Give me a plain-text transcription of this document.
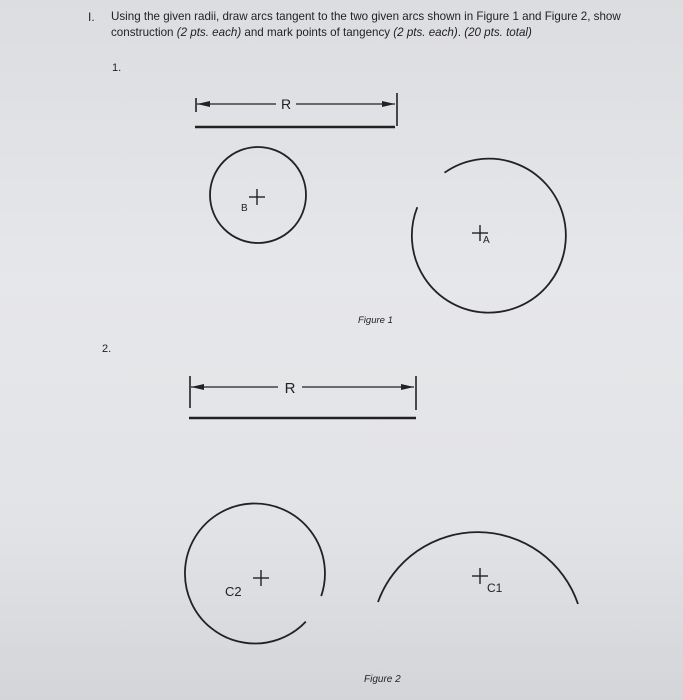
I. Using the given radii, draw arcs tangent to the two given arcs shown in Figure 1 and Figure 2, show construction (2 pts. each) and mark points of tangency (2 pts. each). (20 pts. total)

1.

2.

Figure 1

Figure 2

R
B
A
R
C2	C1
